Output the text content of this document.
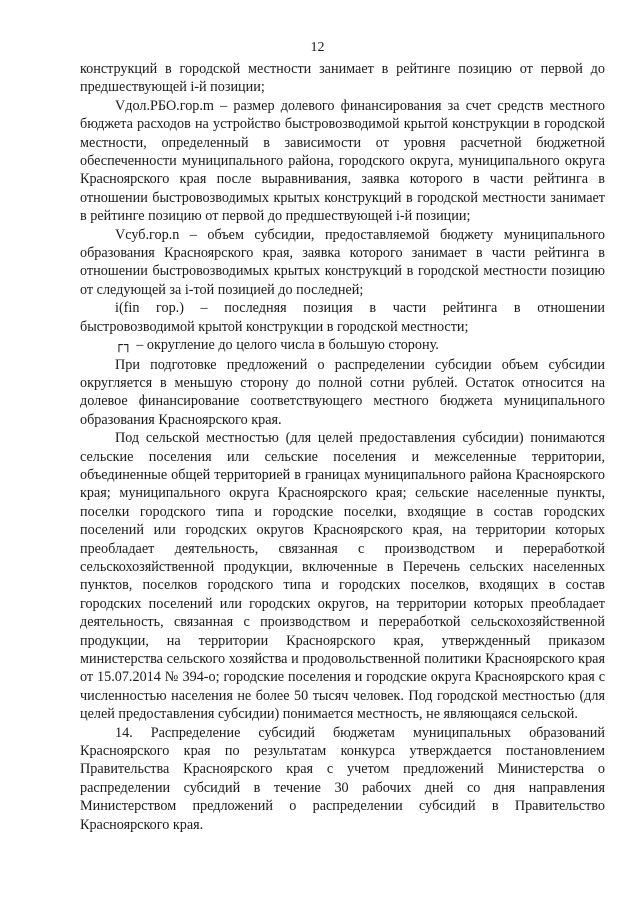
12

конструкций в городской местности занимает в рейтинге позицию от первой до предшествующей i-й позиции;

Vдол.РБО.гор.m – размер долевого финансирования за счет средств местного бюджета расходов на устройство быстровозводимой крытой конструкции в городской местности, определенный в зависимости от уровня расчетной бюджетной обеспеченности муниципального района, городского округа, муниципального округа Красноярского края после выравнивания, заявка которого в части рейтинга в отношении быстровозводимых крытых конструкций в городской местности занимает в рейтинге позицию от первой до предшествующей i-й позиции;

Vсуб.гор.n – объем субсидии, предоставляемой бюджету муниципального образования Красноярского края, заявка которого занимает в части рейтинга в отношении быстровозводимых крытых конструкций в городской местности позицию от следующей за i-той позицией до последней;

i(fin гор.) – последняя позиция в части рейтинга в отношении быстровозводимой крытой конструкции в городской местности;

┌┐ – округление до целого числа в большую сторону.

При подготовке предложений о распределении субсидии объем субсидии округляется в меньшую сторону до полной сотни рублей. Остаток относится на долевое финансирование соответствующего местного бюджета муниципального образования Красноярского края.

Под сельской местностью (для целей предоставления субсидии) понимаются сельские поселения или сельские поселения и межселенные территории, объединенные общей территорией в границах муниципального района Красноярского края; муниципального округа Красноярского края; сельские населенные пункты, поселки городского типа и городские поселки, входящие в состав городских поселений или городских округов Красноярского края, на территории которых преобладает деятельность, связанная с производством и переработкой сельскохозяйственной продукции, включенные в Перечень сельских населенных пунктов, поселков городского типа и городских поселков, входящих в состав городских поселений или городских округов, на территории которых преобладает деятельность, связанная с производством и переработкой сельскохозяйственной продукции, на территории Красноярского края, утвержденный приказом министерства сельского хозяйства и продовольственной политики Красноярского края от 15.07.2014 № 394-о; городские поселения и городские округа Красноярского края с численностью населения не более 50 тысяч человек. Под городской местностью (для целей предоставления субсидии) понимается местность, не являющаяся сельской.

14. Распределение субсидий бюджетам муниципальных образований Красноярского края по результатам конкурса утверждается постановлением Правительства Красноярского края с учетом предложений Министерства о распределении субсидий в течение 30 рабочих дней со дня направления Министерством предложений о распределении субсидий в Правительство Красноярского края.
